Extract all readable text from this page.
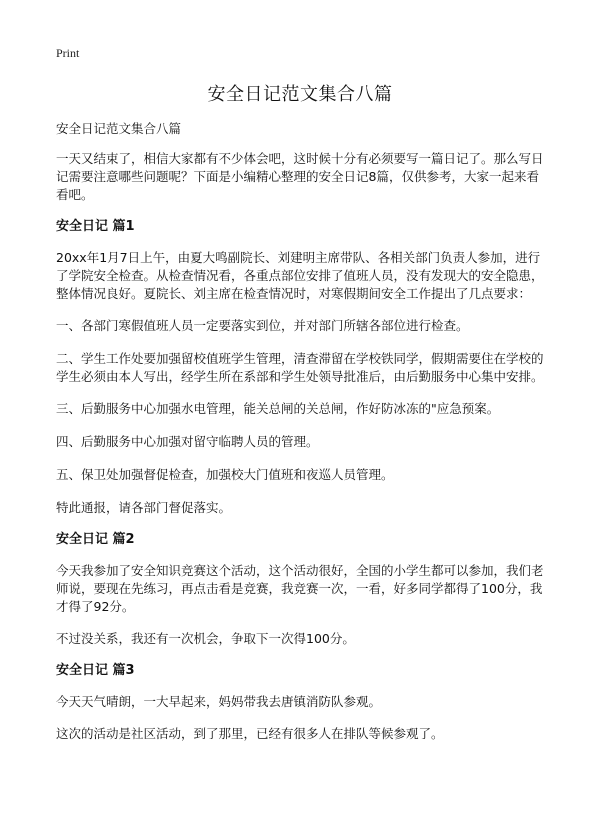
Print
安全日记范文集合八篇

安全日记范文集合八篇

一天又结束了，相信大家都有不少体会吧，这时候十分有必须要写一篇日记了。那么写日记需要注意哪些问题呢？下面是小编精心整理的安全日记8篇，仅供参考，大家一起来看看吧。

安全日记 篇1

20xx年1月7日上午，由夏大鸣副院长、刘建明主席带队、各相关部门负责人参加，进行了学院安全检查。从检查情况看，各重点部位安排了值班人员，没有发现大的安全隐患，整体情况良好。夏院长、刘主席在检查情况时，对寒假期间安全工作提出了几点要求：

一、各部门寒假值班人员一定要落实到位，并对部门所辖各部位进行检查。

二、学生工作处要加强留校值班学生管理，清查滞留在学校铁同学，假期需要住在学校的学生必须由本人写出，经学生所在系部和学生处领导批准后，由后勤服务中心集中安排。

三、后勤服务中心加强水电管理，能关总闸的关总闸，作好防冰冻的"应急预案。

四、后勤服务中心加强对留守临聘人员的管理。

五、保卫处加强督促检查，加强校大门值班和夜巡人员管理。

特此通报，请各部门督促落实。

安全日记 篇2

今天我参加了安全知识竞赛这个活动，这个活动很好，全国的小学生都可以参加，我们老师说，要现在先练习，再点击看是竞赛，我竞赛一次，一看，好多同学都得了100分，我才得了92分。

不过没关系，我还有一次机会，争取下一次得100分。

安全日记 篇3

今天天气晴朗，一大早起来，妈妈带我去唐镇消防队参观。

这次的活动是社区活动，到了那里，已经有很多人在排队等候参观了。
